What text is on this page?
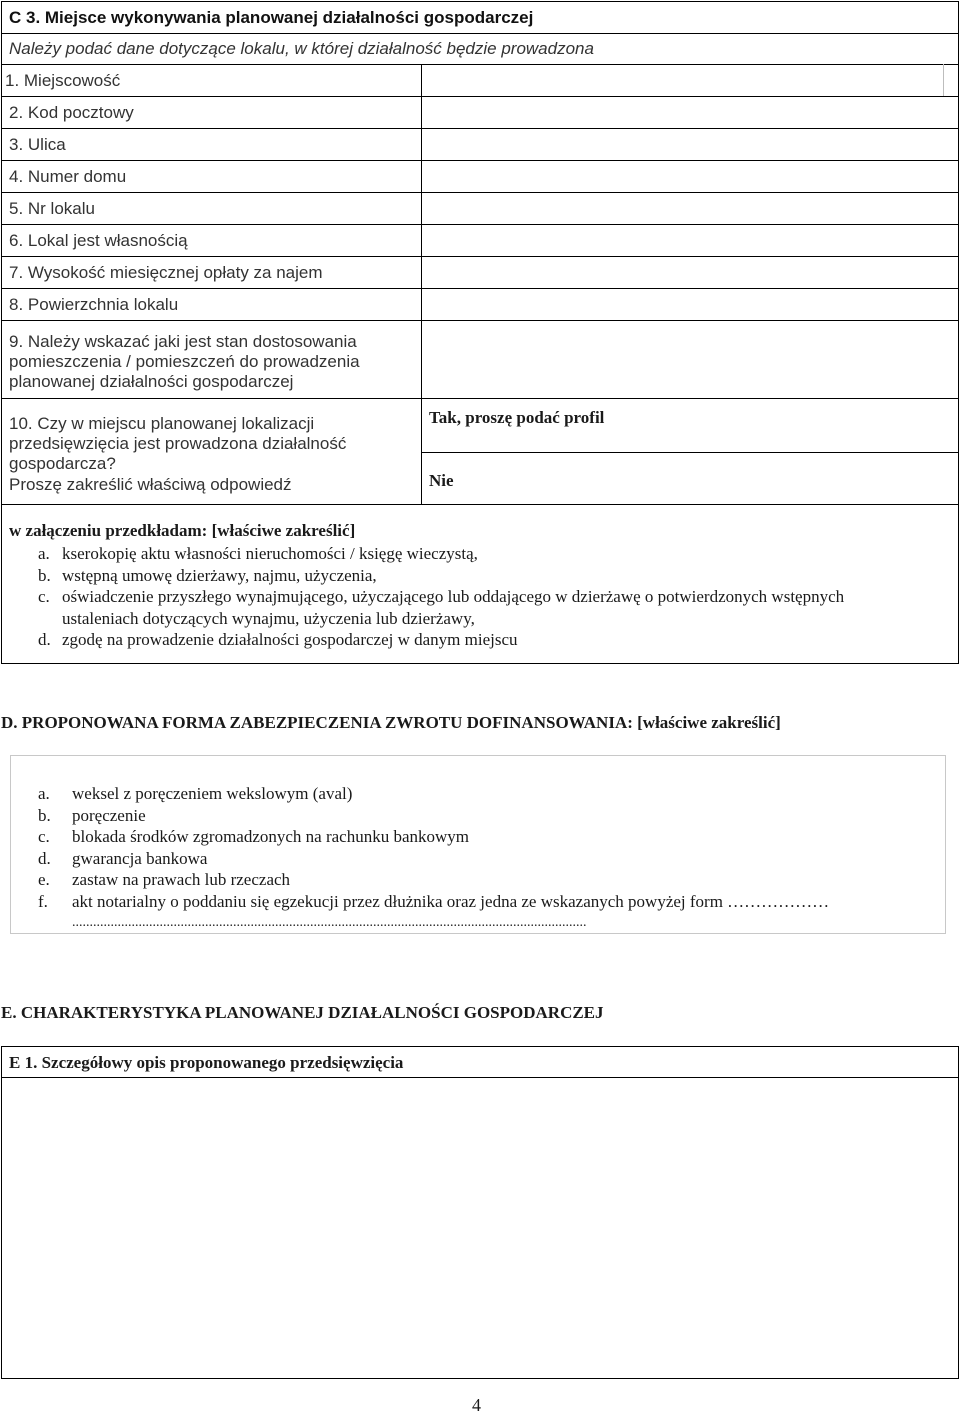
C 3. Miejsce wykonywania planowanej działalności gospodarczej
Należy podać dane dotyczące lokalu, w której działalność będzie prowadzona
1. Miejscowość
2. Kod pocztowy
3. Ulica
4. Numer domu
5. Nr lokalu
6. Lokal jest własnością
7. Wysokość miesięcznej opłaty za najem
8. Powierzchnia lokalu
9. Należy wskazać jaki jest stan dostosowania
pomieszczenia / pomieszczeń do prowadzenia
planowanej działalności gospodarczej
10. Czy w miejscu planowanej lokalizacji
przedsięwzięcia jest prowadzona działalność
gospodarcza?
Proszę zakreślić właściwą odpowiedź
Tak, proszę podać profil
Nie
w załączeniu przedkładam: [właściwe zakreślić]
a. kserokopię aktu własności nieruchomości / księgę wieczystą,
b. wstępną umowę dzierżawy, najmu, użyczenia,
c. oświadczenie przyszłego wynajmującego, użyczającego lub oddającego w dzierżawę o potwierdzonych wstępnych
ustaleniach dotyczących wynajmu, użyczenia lub dzierżawy,
d. zgodę na prowadzenie działalności gospodarczej w danym miejscu
D. PROPONOWANA FORMA ZABEZPIECZENIA ZWROTU DOFINANSOWANIA: [właściwe zakreślić]
a.	weksel z poręczeniem wekslowym (aval)
b.	poręczenie
c.	blokada środków zgromadzonych na rachunku bankowym
d.	gwarancja bankowa
e.	zastaw na prawach lub rzeczach
f.	akt notarialny o poddaniu się egzekucji przez dłużnika oraz jedna ze wskazanych powyżej form ………………
...................................................................................................................................................
E. CHARAKTERYSTYKA PLANOWANEJ DZIAŁALNOŚCI GOSPODARCZEJ
E 1. Szczegółowy opis proponowanego przedsięwzięcia
4
